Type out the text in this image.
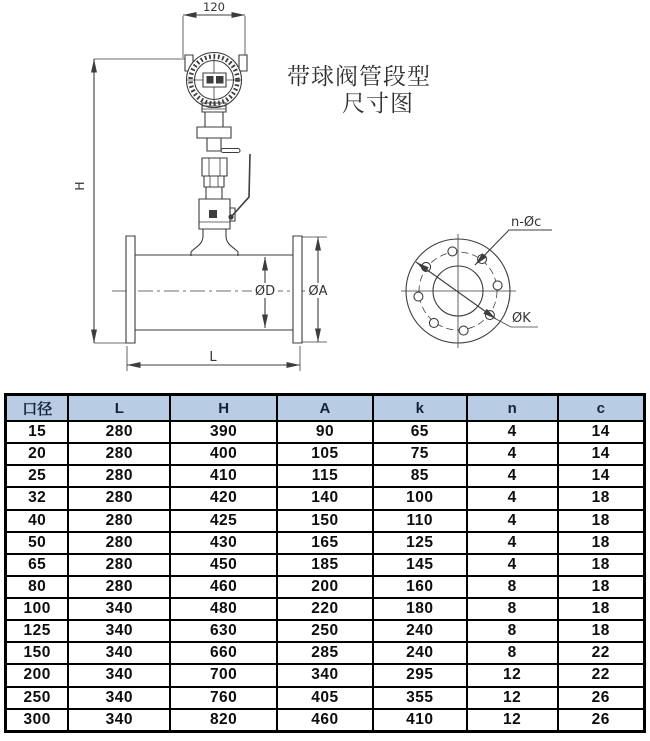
120
H
ØD	ØA
L
ØK
n-Øc
带球阀管段型
尺寸图
口径	L	H	A	k	n	c
15	280	390	90	65	4	14
20	280	400	105	75	4	14
25	280	410	115	85	4	14
32	280	420	140	100	4	18
40	280	425	150	110	4	18
50	280	430	165	125	4	18
65	280	450	185	145	4	18
80	280	460	200	160	8	18
100	340	480	220	180	8	18
125	340	630	250	240	8	18
150	340	660	285	240	8	22
200	340	700	340	295	12	22
250	340	760	405	355	12	26
300	340	820	460	410	12	26
